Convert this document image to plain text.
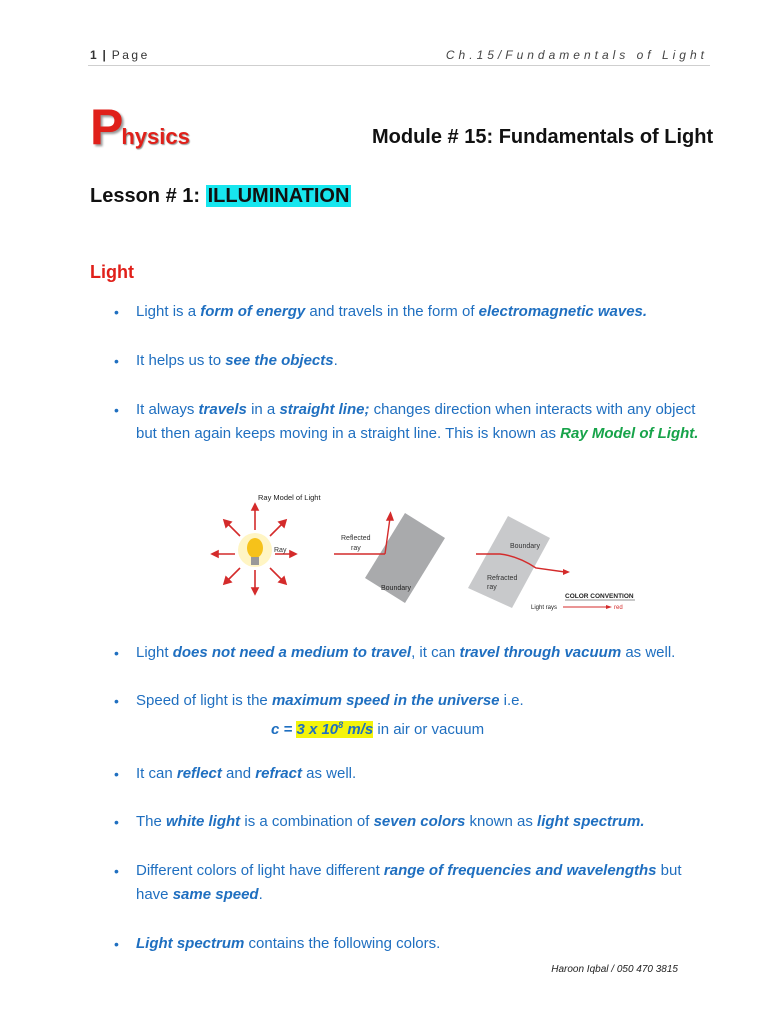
1 | Page	Ch.15/Fundamentals of Light
Physics	Module # 15: Fundamentals of Light
Lesson # 1: ILLUMINATION
Light
• Light is a form of energy and travels in the form of electromagnetic waves.
• It helps us to see the objects.
• It always travels in a straight line; changes direction when interacts with any object but then again keeps moving in a straight line. This is known as Ray Model of Light.
Ray Model of Light
Ray
Reflected
ray
Boundary
Boundary
Refracted
ray
COLOR CONVENTION
Light rays	red
• Light does not need a medium to travel, it can travel through vacuum as well.
• Speed of light is the maximum speed in the universe i.e.
c = 3 x $10^8$ m/s in air or vacuum
• It can reflect and refract as well.
• The white light is a combination of seven colors known as light spectrum.
• Different colors of light have different range of frequencies and wavelengths but have same speed.
• Light spectrum contains the following colors.
Haroon Iqbal / 050 470 3815
